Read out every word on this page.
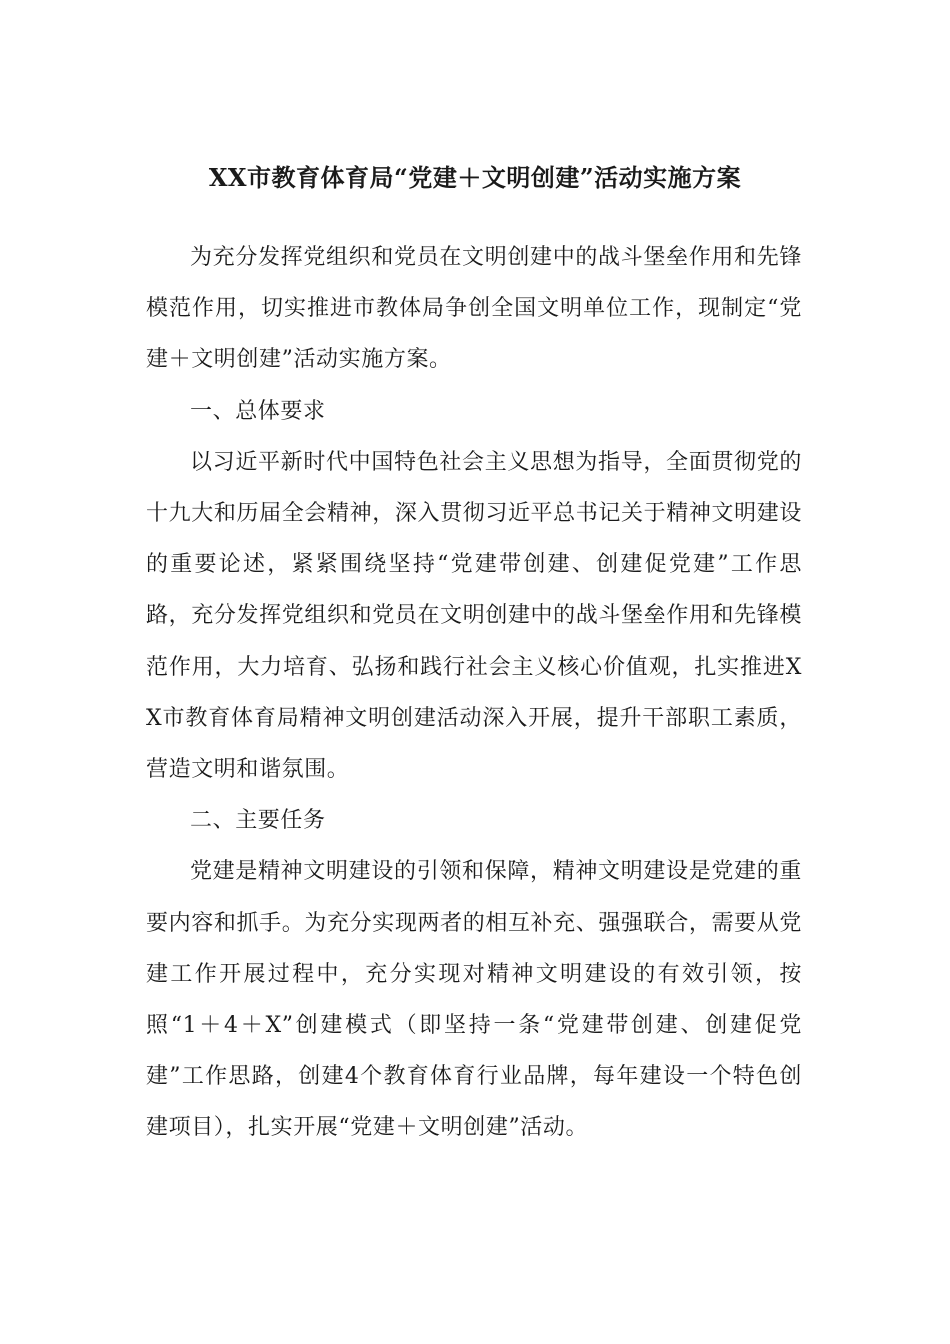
XX市教育体育局“党建＋文明创建”活动实施方案

为充分发挥党组织和党员在文明创建中的战斗堡垒作用和先锋模范作用，切实推进市教体局争创全国文明单位工作，现制定“党建＋文明创建”活动实施方案。

一、总体要求

以习近平新时代中国特色社会主义思想为指导，全面贯彻党的十九大和历届全会精神，深入贯彻习近平总书记关于精神文明建设的重要论述，紧紧围绕坚持“党建带创建、创建促党建”工作思路，充分发挥党组织和党员在文明创建中的战斗堡垒作用和先锋模范作用，大力培育、弘扬和践行社会主义核心价值观，扎实推进XX市教育体育局精神文明创建活动深入开展，提升干部职工素质，营造文明和谐氛围。

二、主要任务

党建是精神文明建设的引领和保障，精神文明建设是党建的重要内容和抓手。为充分实现两者的相互补充、强强联合，需要从党建工作开展过程中，充分实现对精神文明建设的有效引领，按照“1＋4＋X”创建模式（即坚持一条“党建带创建、创建促党建”工作思路，创建4个教育体育行业品牌，每年建设一个特色创建项目），扎实开展“党建＋文明创建”活动。
